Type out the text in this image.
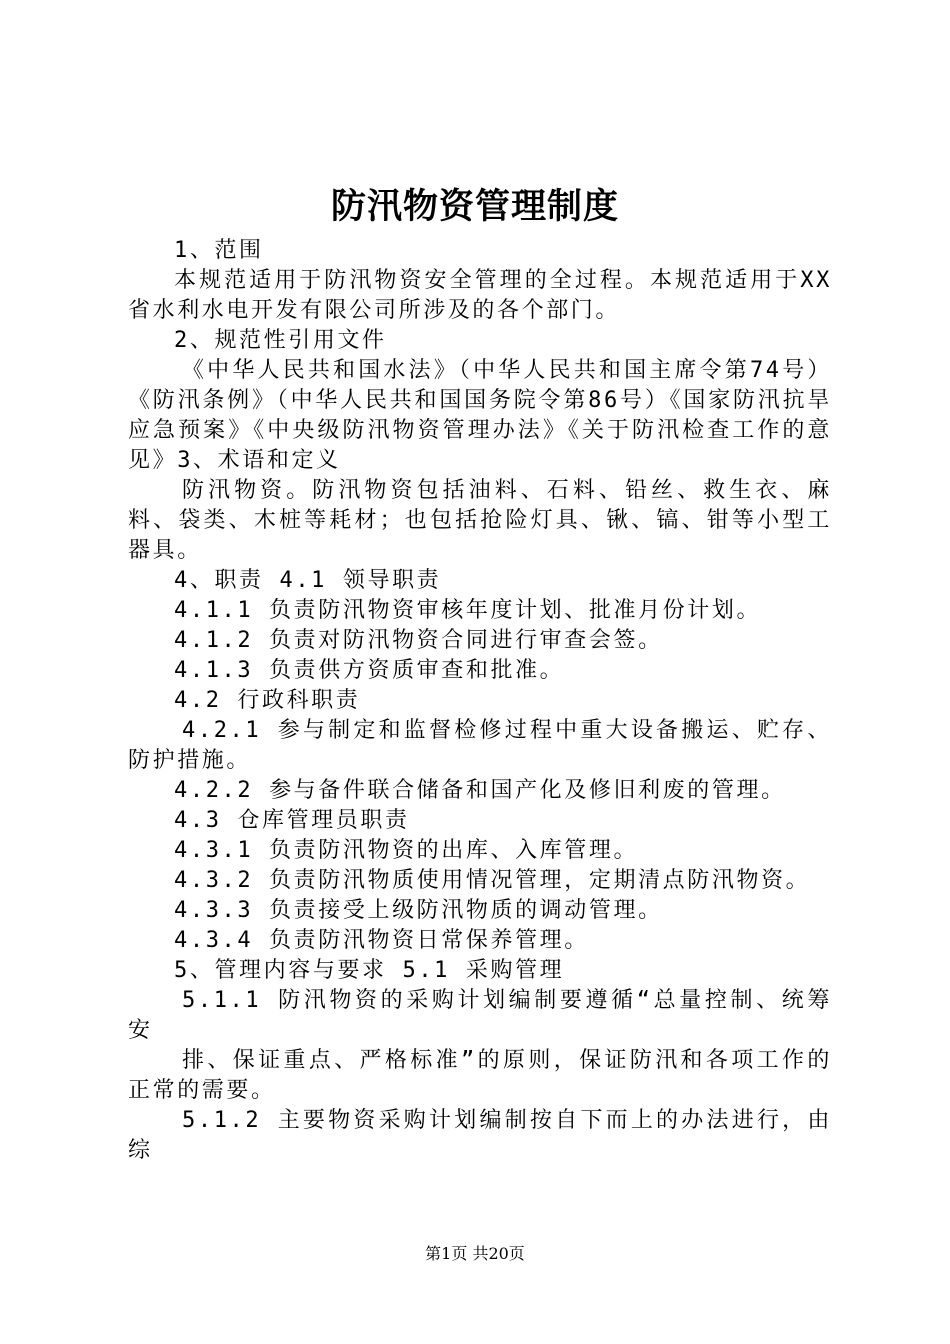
防汛物资管理制度

1、范围

本规范适用于防汛物资安全管理的全过程。本规范适用于XX省水利水电开发有限公司所涉及的各个部门。

2、规范性引用文件

《中华人民共和国水法》（中华人民共和国主席令第74号）《防汛条例》（中华人民共和国国务院令第86号）《国家防汛抗旱应急预案》《中央级防汛物资管理办法》《关于防汛检查工作的意见》3、术语和定义

防汛物资。防汛物资包括油料、石料、铅丝、救生衣、麻料、袋类、木桩等耗材；也包括抢险灯具、锹、镐、钳等小型工器具。

4、职责 4.1 领导职责

4.1.1 负责防汛物资审核年度计划、批准月份计划。

4.1.2 负责对防汛物资合同进行审查会签。

4.1.3 负责供方资质审查和批准。

4.2 行政科职责

4.2.1 参与制定和监督检修过程中重大设备搬运、贮存、防护措施。

4.2.2 参与备件联合储备和国产化及修旧利废的管理。

4.3 仓库管理员职责

4.3.1 负责防汛物资的出库、入库管理。

4.3.2 负责防汛物质使用情况管理，定期清点防汛物资。

4.3.3 负责接受上级防汛物质的调动管理。

4.3.4 负责防汛物资日常保养管理。

5、管理内容与要求 5.1 采购管理

5.1.1 防汛物资的采购计划编制要遵循“总量控制、统筹安

排、保证重点、严格标准”的原则，保证防汛和各项工作的正常的需要。

5.1.2 主要物资采购计划编制按自下而上的办法进行，由综

第1页 共20页
